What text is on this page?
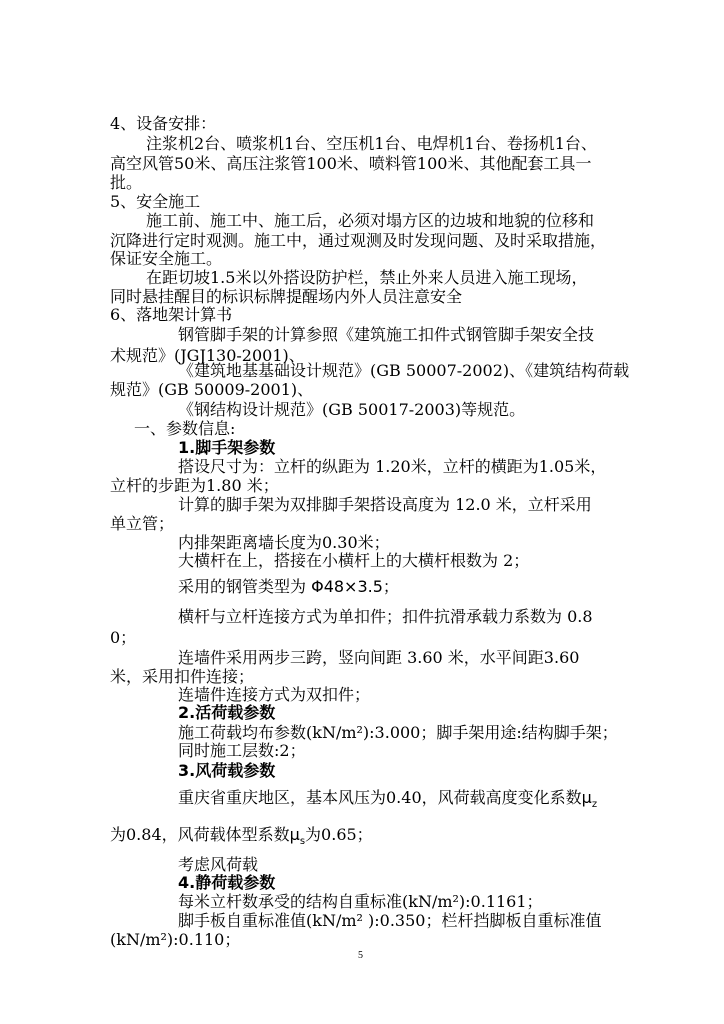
4、设备安排：

注浆机2台、喷浆机1台、空压机1台、电焊机1台、卷扬机1台、

高空风管50米、高压注浆管100米、喷料管100米、其他配套工具一

批。

5、安全施工

施工前、施工中、施工后，必须对塌方区的边坡和地貌的位移和

沉降进行定时观测。施工中，通过观测及时发现问题、及时采取措施，

保证安全施工。

在距切坡1.5米以外搭设防护栏，禁止外来人员进入施工现场，

同时悬挂醒目的标识标牌提醒场内外人员注意安全

6、落地架计算书

钢管脚手架的计算参照《建筑施工扣件式钢管脚手架安全技

术规范》(JGJ130-2001)、

《建筑地基基础设计规范》(GB 50007-2002)、《建筑结构荷载

规范》(GB 50009-2001)、

《钢结构设计规范》(GB 50017-2003)等规范。

一、参数信息:

1.脚手架参数

搭设尺寸为：立杆的纵距为 1.20米，立杆的横距为1.05米，

立杆的步距为1.80 米；

计算的脚手架为双排脚手架搭设高度为 12.0 米，立杆采用

单立管；

内排架距离墙长度为0.30米；

大横杆在上，搭接在小横杆上的大横杆根数为 2；

采用的钢管类型为 Φ48×3.5；

横杆与立杆连接方式为单扣件；扣件抗滑承载力系数为 0.8

0；

连墙件采用两步三跨，竖向间距 3.60 米，水平间距3.60

米，采用扣件连接；

连墙件连接方式为双扣件；

2.活荷载参数

施工荷载均布参数(kN/m²):3.000；脚手架用途:结构脚手架；

同时施工层数:2；

3.风荷载参数

重庆省重庆地区，基本风压为0.40，风荷载高度变化系数$\mu_z$

为0.84，风荷载体型系数$\mu_s$为0.65；

考虑风荷载

4.静荷载参数

每米立杆数承受的结构自重标准(kN/m²):0.1161；

脚手板自重标准值(kN/m² ):0.350；栏杆挡脚板自重标准值

(kN/m²):0.110；

5
